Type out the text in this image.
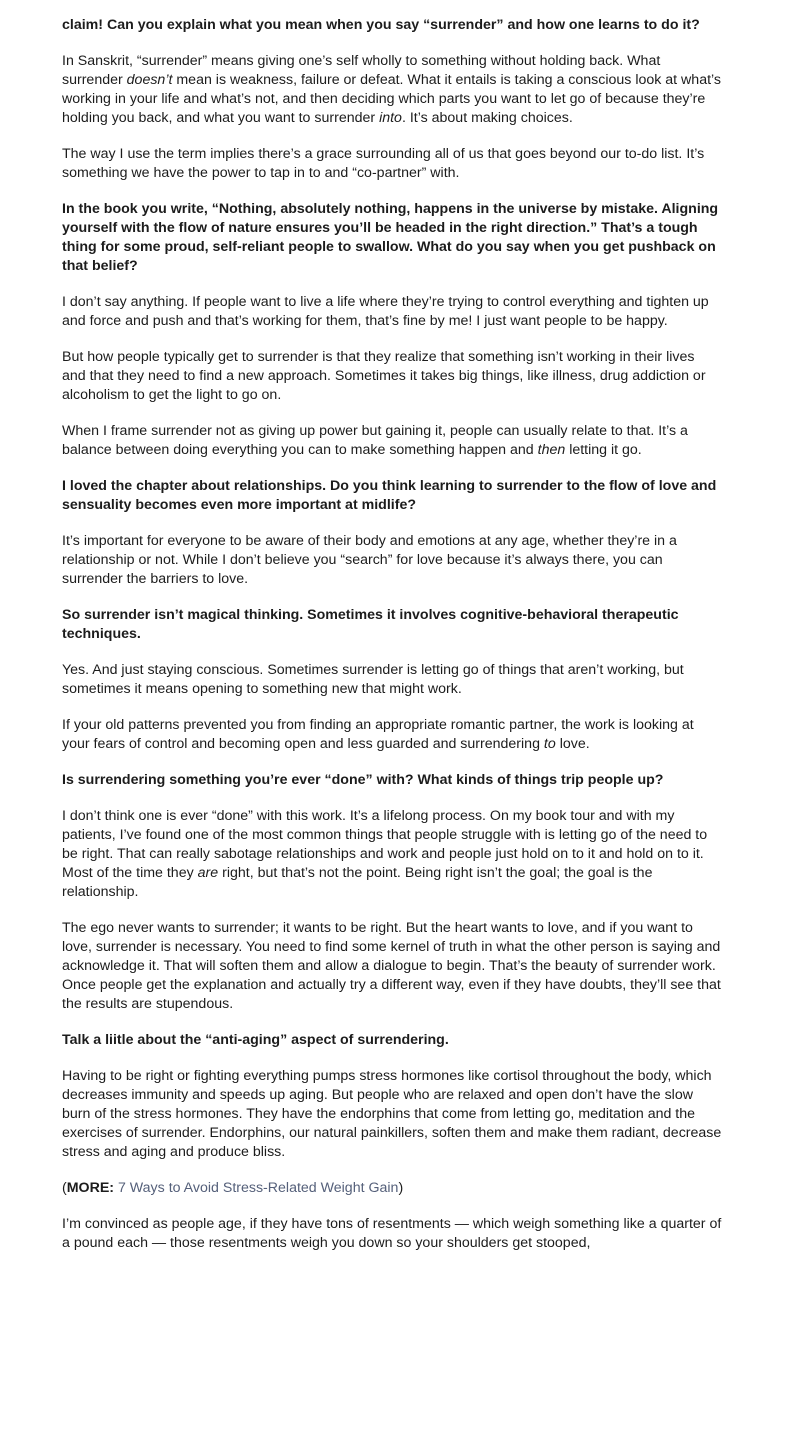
claim! Can you explain what you mean when you say “surrender” and how one learns to do it?

In Sanskrit, “surrender” means giving one’s self wholly to something without holding back. What surrender doesn’t mean is weakness, failure or defeat. What it entails is taking a conscious look at what’s working in your life and what’s not, and then deciding which parts you want to let go of because they’re holding you back, and what you want to surrender into. It’s about making choices.

The way I use the term implies there’s a grace surrounding all of us that goes beyond our to-do list. It’s something we have the power to tap in to and “co-partner” with.

In the book you write, “Nothing, absolutely nothing, happens in the universe by mistake. Aligning yourself with the flow of nature ensures you’ll be headed in the right direction.” That’s a tough thing for some proud, self-reliant people to swallow. What do you say when you get pushback on that belief?

I don’t say anything. If people want to live a life where they’re trying to control everything and tighten up and force and push and that’s working for them, that’s fine by me! I just want people to be happy.

But how people typically get to surrender is that they realize that something isn’t working in their lives and that they need to find a new approach. Sometimes it takes big things, like illness, drug addiction or alcoholism to get the light to go on.

When I frame surrender not as giving up power but gaining it, people can usually relate to that. It’s a balance between doing everything you can to make something happen and then letting it go.

I loved the chapter about relationships. Do you think learning to surrender to the flow of love and sensuality becomes even more important at midlife?

It’s important for everyone to be aware of their body and emotions at any age, whether they’re in a relationship or not. While I don’t believe you “search” for love because it’s always there, you can surrender the barriers to love.

So surrender isn’t magical thinking. Sometimes it involves cognitive-behavioral therapeutic techniques.

Yes. And just staying conscious. Sometimes surrender is letting go of things that aren’t working, but sometimes it means opening to something new that might work.

If your old patterns prevented you from finding an appropriate romantic partner, the work is looking at your fears of control and becoming open and less guarded and surrendering to love.

Is surrendering something you’re ever “done” with? What kinds of things trip people up?

I don’t think one is ever “done” with this work. It’s a lifelong process. On my book tour and with my patients, I’ve found one of the most common things that people struggle with is letting go of the need to be right. That can really sabotage relationships and work and people just hold on to it and hold on to it. Most of the time they are right, but that’s not the point. Being right isn’t the goal; the goal is the relationship.

The ego never wants to surrender; it wants to be right. But the heart wants to love, and if you want to love, surrender is necessary. You need to find some kernel of truth in what the other person is saying and acknowledge it. That will soften them and allow a dialogue to begin. That’s the beauty of surrender work. Once people get the explanation and actually try a different way, even if they have doubts, they’ll see that the results are stupendous.

Talk a liitle about the “anti-aging” aspect of surrendering.

Having to be right or fighting everything pumps stress hormones like cortisol throughout the body, which decreases immunity and speeds up aging. But people who are relaxed and open don’t have the slow burn of the stress hormones. They have the endorphins that come from letting go, meditation and the exercises of surrender. Endorphins, our natural painkillers, soften them and make them radiant, decrease stress and aging and produce bliss.

(MORE: 7 Ways to Avoid Stress-Related Weight Gain)

I’m convinced as people age, if they have tons of resentments — which weigh something like a quarter of a pound each — those resentments weigh you down so your shoulders get stooped,
